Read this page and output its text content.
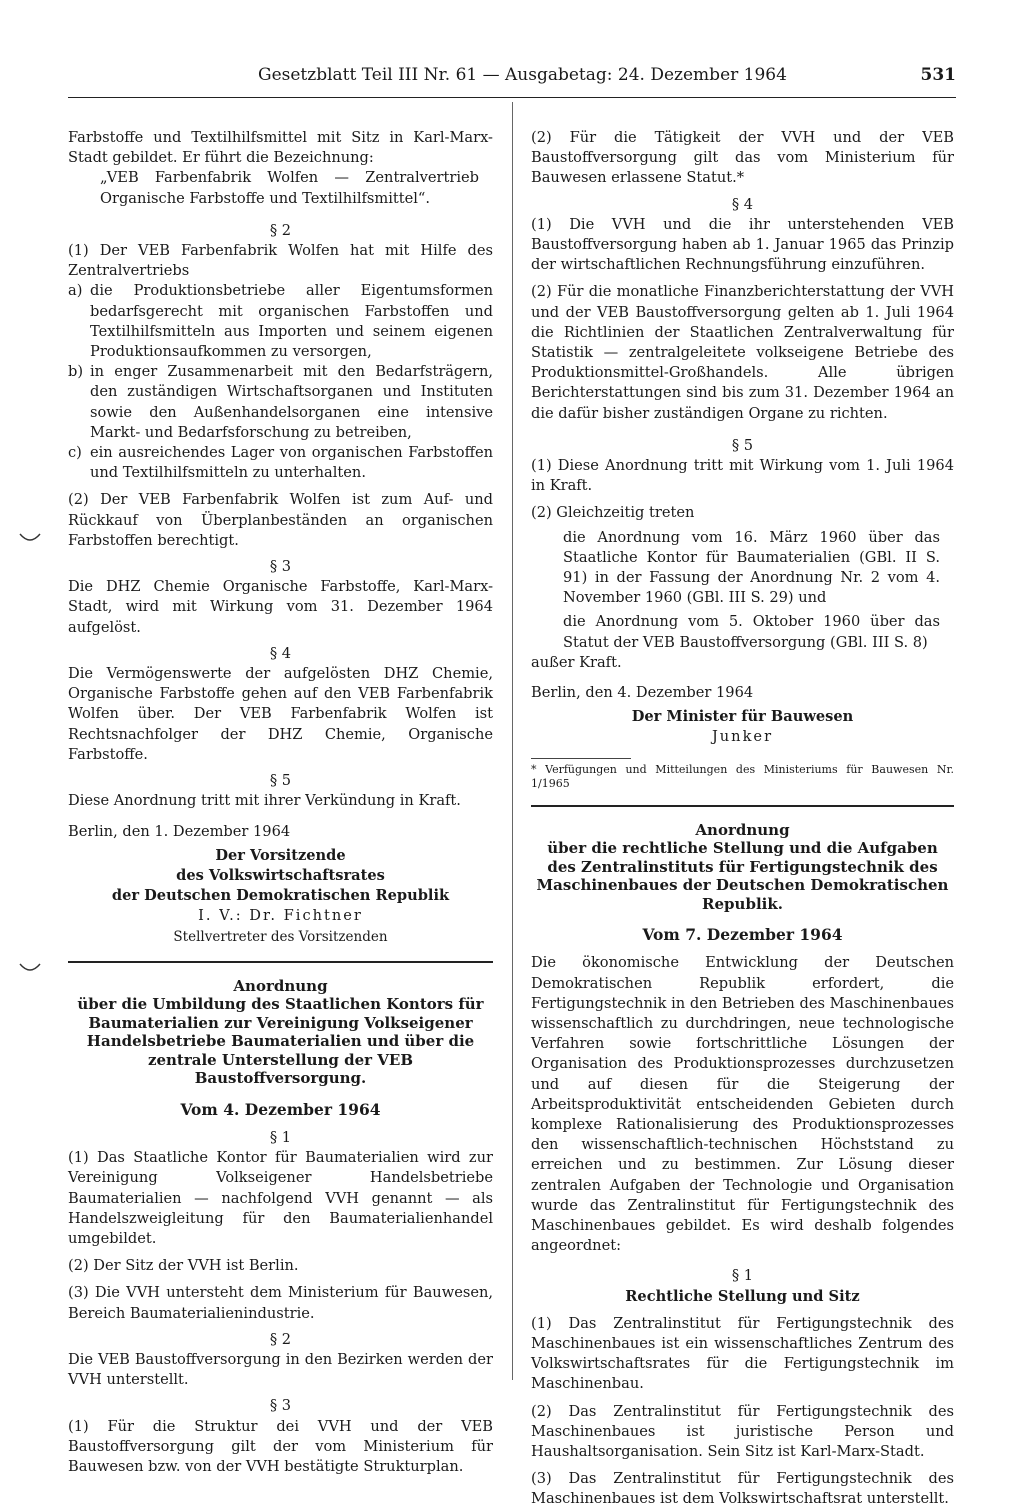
Gesetzblatt Teil III Nr. 61 — Ausgabetag: 24. Dezember 1964	531

Farbstoffe und Textilhilfsmittel mit Sitz in Karl-Marx-Stadt gebildet. Er führt die Bezeichnung:

„VEB Farbenfabrik Wolfen — Zentralvertrieb Organische Farbstoffe und Textilhilfsmittel“.

§ 2

(1) Der VEB Farbenfabrik Wolfen hat mit Hilfe des Zentralvertriebs

a) die Produktionsbetriebe aller Eigentumsformen bedarfsgerecht mit organischen Farbstoffen und Textilhilfsmitteln aus Importen und seinem eigenen Produktionsaufkommen zu versorgen,
b) in enger Zusammenarbeit mit den Bedarfsträgern, den zuständigen Wirtschaftsorganen und Instituten sowie den Außenhandelsorganen eine intensive Markt- und Bedarfsforschung zu betreiben,
c) ein ausreichendes Lager von organischen Farbstoffen und Textilhilfsmitteln zu unterhalten.

(2) Der VEB Farbenfabrik Wolfen ist zum Auf- und Rückkauf von Überplanbeständen an organischen Farbstoffen berechtigt.

§ 3

Die DHZ Chemie Organische Farbstoffe, Karl-Marx-Stadt, wird mit Wirkung vom 31. Dezember 1964 aufgelöst.

§ 4

Die Vermögenswerte der aufgelösten DHZ Chemie, Organische Farbstoffe gehen auf den VEB Farbenfabrik Wolfen über. Der VEB Farbenfabrik Wolfen ist Rechtsnachfolger der DHZ Chemie, Organische Farbstoffe.

§ 5

Diese Anordnung tritt mit ihrer Verkündung in Kraft.

Berlin, den 1. Dezember 1964

Der Vorsitzende
des Volkswirtschaftsrates
der Deutschen Demokratischen Republik
I. V.: Dr. Fichtner
Stellvertreter des Vorsitzenden
Anordnung
über die Umbildung des Staatlichen Kontors für Baumaterialien zur Vereinigung Volkseigener Handelsbetriebe Baumaterialien und über die zentrale Unterstellung der VEB Baustoffversorgung.
Vom 4. Dezember 1964
§ 1

(1) Das Staatliche Kontor für Baumaterialien wird zur Vereinigung Volkseigener Handelsbetriebe Baumaterialien — nachfolgend VVH genannt — als Handelszweigleitung für den Baumaterialienhandel umgebildet.

(2) Der Sitz der VVH ist Berlin.

(3) Die VVH untersteht dem Ministerium für Bauwesen, Bereich Baumaterialienindustrie.

§ 2

Die VEB Baustoffversorgung in den Bezirken werden der VVH unterstellt.

§ 3

(1) Für die Struktur dei VVH und der VEB Baustoffversorgung gilt der vom Ministerium für Bauwesen bzw. von der VVH bestätigte Strukturplan.

(2) Für die Tätigkeit der VVH und der VEB Baustoffversorgung gilt das vom Ministerium für Bauwesen erlassene Statut.*

§ 4

(1) Die VVH und die ihr unterstehenden VEB Baustoffversorgung haben ab 1. Januar 1965 das Prinzip der wirtschaftlichen Rechnungsführung einzuführen.

(2) Für die monatliche Finanzberichterstattung der VVH und der VEB Baustoffversorgung gelten ab 1. Juli 1964 die Richtlinien der Staatlichen Zentralverwaltung für Statistik — zentralgeleitete volkseigene Betriebe des Produktionsmittel-Großhandels. Alle übrigen Berichterstattungen sind bis zum 31. Dezember 1964 an die dafür bisher zuständigen Organe zu richten.

§ 5

(1) Diese Anordnung tritt mit Wirkung vom 1. Juli 1964 in Kraft.

(2) Gleichzeitig treten

die Anordnung vom 16. März 1960 über das Staatliche Kontor für Baumaterialien (GBl. II S. 91) in der Fassung der Anordnung Nr. 2 vom 4. November 1960 (GBl. III S. 29) und

die Anordnung vom 5. Oktober 1960 über das Statut der VEB Baustoffversorgung (GBl. III S. 8)

außer Kraft.

Berlin, den 4. Dezember 1964

Der Minister für Bauwesen
Junker

* Verfügungen und Mitteilungen des Ministeriums für Bauwesen Nr. 1/1965

Anordnung
über die rechtliche Stellung und die Aufgaben des Zentralinstituts für Fertigungstechnik des Maschinenbaues der Deutschen Demokratischen Republik.
Vom 7. Dezember 1964

Die ökonomische Entwicklung der Deutschen Demokratischen Republik erfordert, die Fertigungstechnik in den Betrieben des Maschinenbaues wissenschaftlich zu durchdringen, neue technologische Verfahren sowie fortschrittliche Lösungen der Organisation des Produktionsprozesses durchzusetzen und auf diesen für die Steigerung der Arbeitsproduktivität entscheidenden Gebieten durch komplexe Rationalisierung des Produktionsprozesses den wissenschaftlich-technischen Höchststand zu erreichen und zu bestimmen. Zur Lösung dieser zentralen Aufgaben der Technologie und Organisation wurde das Zentralinstitut für Fertigungstechnik des Maschinenbaues gebildet. Es wird deshalb folgendes angeordnet:

§ 1
Rechtliche Stellung und Sitz

(1) Das Zentralinstitut für Fertigungstechnik des Maschinenbaues ist ein wissenschaftliches Zentrum des Volkswirtschaftsrates für die Fertigungstechnik im Maschinenbau.

(2) Das Zentralinstitut für Fertigungstechnik des Maschinenbaues ist juristische Person und Haushaltsorganisation. Sein Sitz ist Karl-Marx-Stadt.

(3) Das Zentralinstitut für Fertigungstechnik des Maschinenbaues ist dem Volkswirtschaftsrat unterstellt.
